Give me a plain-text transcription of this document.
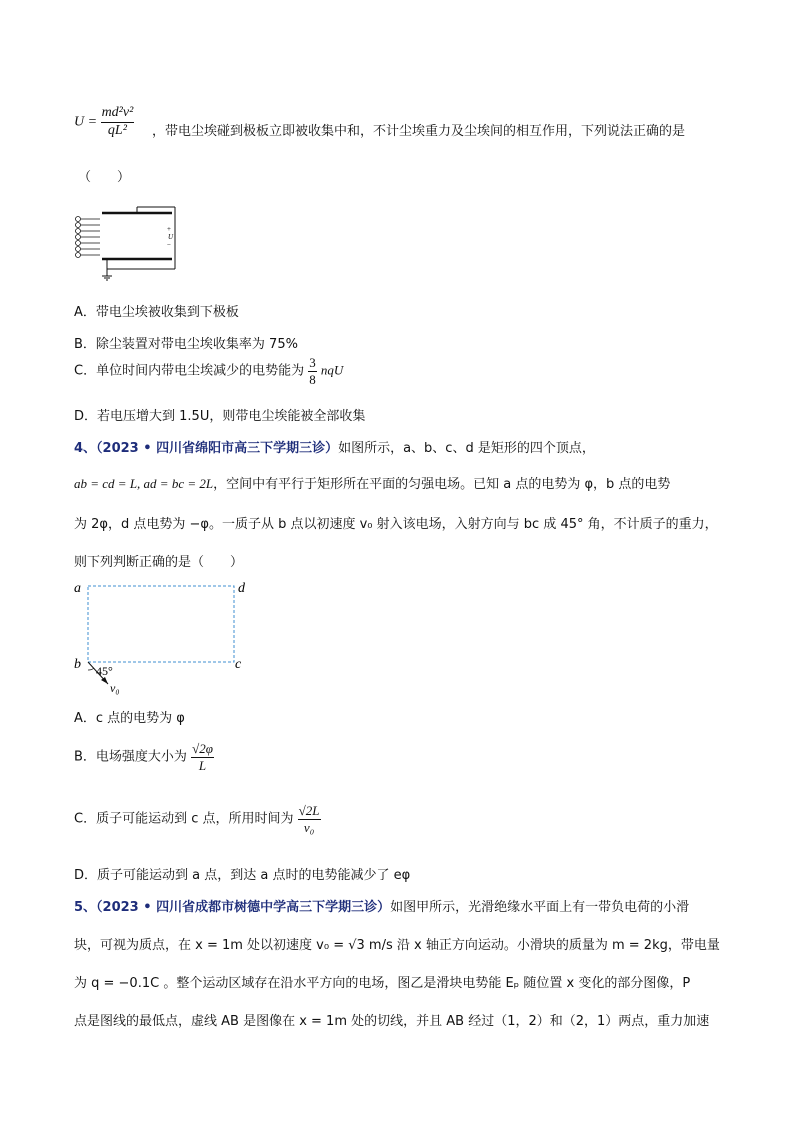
$U = \frac{\text{md²v²}}{\text{qL²}}$ ，带电尘埃碰到极板立即被收集中和，不计尘埃重力及尘埃间的相互作用，下列说法正确的是
（　　）
+
U
−
A．带电尘埃被收集到下极板
B．除尘装置对带电尘埃收集率为 75%
C．单位时间内带电尘埃减少的电势能为 $\frac{3}{8}$ nqU
D．若电压增大到 1.5U，则带电尘埃能被全部收集
4、（2023 • 四川省绵阳市高三下学期三诊）如图所示，a、b、c、d 是矩形的四个顶点，
ab = cd = L, ad = bc = 2L，空间中有平行于矩形所在平面的匀强电场。已知 a 点的电势为 φ，b 点的电势
为 2φ，d 点电势为 −φ。一质子从 b 点以初速度 v₀ 射入该电场，入射方向与 bc 成 45° 角，不计质子的重力，
则下列判断正确的是（　　）
a	d
b	c
45°
v₀
A．c 点的电势为 φ
B．电场强度大小为 $\frac{√2\varphi}{L}$
C．质子可能运动到 c 点，所用时间为 $\frac{√2L}{\text{v₀}}$
D．质子可能运动到 a 点，到达 a 点时的电势能减少了 eφ
5、（2023 • 四川省成都市树德中学高三下学期三诊）如图甲所示，光滑绝缘水平面上有一带负电荷的小滑
块，可视为质点，在 x = 1m 处以初速度 v₀ = √3 m/s 沿 x 轴正方向运动。小滑块的质量为 m = 2kg，带电量
为 q = −0.1C 。整个运动区域存在沿水平方向的电场，图乙是滑块电势能 Eₚ 随位置 x 变化的部分图像，P
点是图线的最低点，虚线 AB 是图像在 x = 1m 处的切线，并且 AB 经过（1，2）和（2，1）两点，重力加速
